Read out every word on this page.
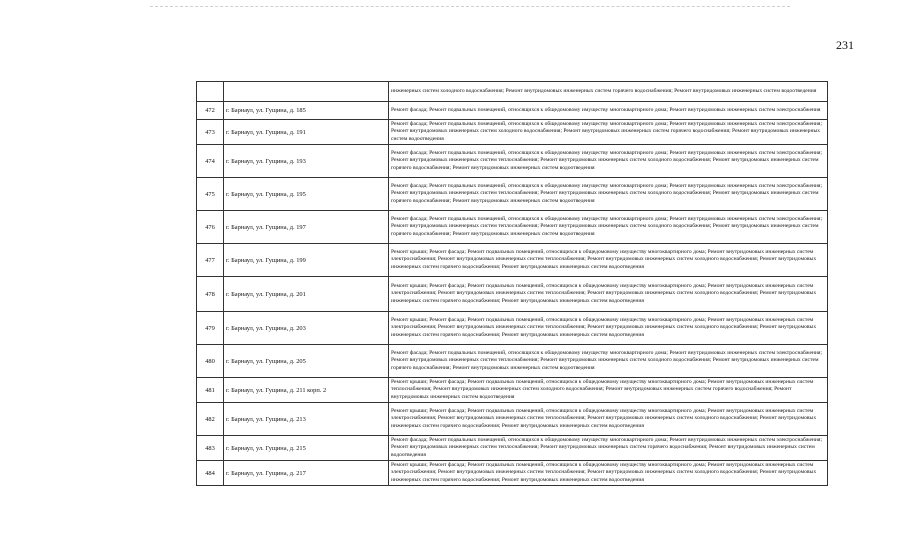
231

		инженерных систем холодного водоснабжения; Ремонт внутридомовых инженерных систем горячего водоснабжения; Ремонт внутридомовых инженерных систем водоотведения

472	г. Барнаул, ул. Гущина, д. 185	Ремонт фасада; Ремонт подвальных помещений, относящихся к общедомовому имуществу многоквартирного дома; Ремонт внутридомовых инженерных систем электроснабжения

473	г. Барнаул, ул. Гущина, д. 191	Ремонт фасада; Ремонт подвальных помещений, относящихся к общедомовому имуществу многоквартирного дома; Ремонт внутридомовых инженерных систем электроснабжения; Ремонт внутридомовых инженерных систем холодного водоснабжения; Ремонт внутридомовых инженерных систем горячего водоснабжения; Ремонт внутридомовых инженерных систем водоотведения

474	г. Барнаул, ул. Гущина, д. 193	Ремонт фасада; Ремонт подвальных помещений, относящихся к общедомовому имуществу многоквартирного дома; Ремонт внутридомовых инженерных систем электроснабжения; Ремонт внутридомовых инженерных систем теплоснабжения; Ремонт внутридомовых инженерных систем холодного водоснабжения; Ремонт внутридомовых инженерных систем горячего водоснабжения; Ремонт внутридомовых инженерных систем водоотведения

475	г. Барнаул, ул. Гущина, д. 195	Ремонт фасада; Ремонт подвальных помещений, относящихся к общедомовому имуществу многоквартирного дома; Ремонт внутридомовых инженерных систем электроснабжения; Ремонт внутридомовых инженерных систем теплоснабжения; Ремонт внутридомовых инженерных систем холодного водоснабжения; Ремонт внутридомовых инженерных систем горячего водоснабжения; Ремонт внутридомовых инженерных систем водоотведения

476	г. Барнаул, ул. Гущина, д. 197	Ремонт фасада; Ремонт подвальных помещений, относящихся к общедомовому имуществу многоквартирного дома; Ремонт внутридомовых инженерных систем электроснабжения; Ремонт внутридомовых инженерных систем теплоснабжения; Ремонт внутридомовых инженерных систем холодного водоснабжения; Ремонт внутридомовых инженерных систем горячего водоснабжения; Ремонт внутридомовых инженерных систем водоотведения

477	г. Барнаул, ул. Гущина, д. 199	Ремонт крыши; Ремонт фасада; Ремонт подвальных помещений, относящихся к общедомовому имуществу многоквартирного дома; Ремонт внутридомовых инженерных систем электроснабжения; Ремонт внутридомовых инженерных систем теплоснабжения; Ремонт внутридомовых инженерных систем холодного водоснабжения; Ремонт внутридомовых инженерных систем горячего водоснабжения; Ремонт внутридомовых инженерных систем водоотведения

478	г. Барнаул, ул. Гущина, д. 201	Ремонт крыши; Ремонт фасада; Ремонт подвальных помещений, относящихся к общедомовому имуществу многоквартирного дома; Ремонт внутридомовых инженерных систем электроснабжения; Ремонт внутридомовых инженерных систем теплоснабжения; Ремонт внутридомовых инженерных систем холодного водоснабжения; Ремонт внутридомовых инженерных систем горячего водоснабжения; Ремонт внутридомовых инженерных систем водоотведения

479	г. Барнаул, ул. Гущина, д. 203	Ремонт крыши; Ремонт фасада; Ремонт подвальных помещений, относящихся к общедомовому имуществу многоквартирного дома; Ремонт внутридомовых инженерных систем электроснабжения; Ремонт внутридомовых инженерных систем теплоснабжения; Ремонт внутридомовых инженерных систем холодного водоснабжения; Ремонт внутридомовых инженерных систем горячего водоснабжения; Ремонт внутридомовых инженерных систем водоотведения

480	г. Барнаул, ул. Гущина, д. 205	Ремонт фасада; Ремонт подвальных помещений, относящихся к общедомовому имуществу многоквартирного дома; Ремонт внутридомовых инженерных систем электроснабжения; Ремонт внутридомовых инженерных систем теплоснабжения; Ремонт внутридомовых инженерных систем холодного водоснабжения; Ремонт внутридомовых инженерных систем горячего водоснабжения; Ремонт внутридомовых инженерных систем водоотведения

481	г. Барнаул, ул. Гущина, д. 211 корп. 2	Ремонт крыши; Ремонт фасада; Ремонт подвальных помещений, относящихся к общедомовому имуществу многоквартирного дома; Ремонт внутридомовых инженерных систем теплоснабжения; Ремонт внутридомовых инженерных систем холодного водоснабжения; Ремонт внутридомовых инженерных систем горячего водоснабжения; Ремонт внутридомовых инженерных систем водоотведения

482	г. Барнаул, ул. Гущина, д. 213	Ремонт крыши; Ремонт фасада; Ремонт подвальных помещений, относящихся к общедомовому имуществу многоквартирного дома; Ремонт внутридомовых инженерных систем электроснабжения; Ремонт внутридомовых инженерных систем теплоснабжения; Ремонт внутридомовых инженерных систем холодного водоснабжения; Ремонт внутридомовых инженерных систем горячего водоснабжения; Ремонт внутридомовых инженерных систем водоотведения

483	г. Барнаул, ул. Гущина, д. 215	Ремонт фасада; Ремонт подвальных помещений, относящихся к общедомовому имуществу многоквартирного дома; Ремонт внутридомовых инженерных систем электроснабжения; Ремонт внутридомовых инженерных систем теплоснабжения; Ремонт внутридомовых инженерных систем горячего водоснабжения; Ремонт внутридомовых инженерных систем водоотведения

484	г. Барнаул, ул. Гущина, д. 217	Ремонт крыши; Ремонт фасада; Ремонт подвальных помещений, относящихся к общедомовому имуществу многоквартирного дома; Ремонт внутридомовых инженерных систем электроснабжения; Ремонт внутридомовых инженерных систем теплоснабжения; Ремонт внутридомовых инженерных систем холодного водоснабжения; Ремонт внутридомовых инженерных систем горячего водоснабжения; Ремонт внутридомовых инженерных систем водоотведения
